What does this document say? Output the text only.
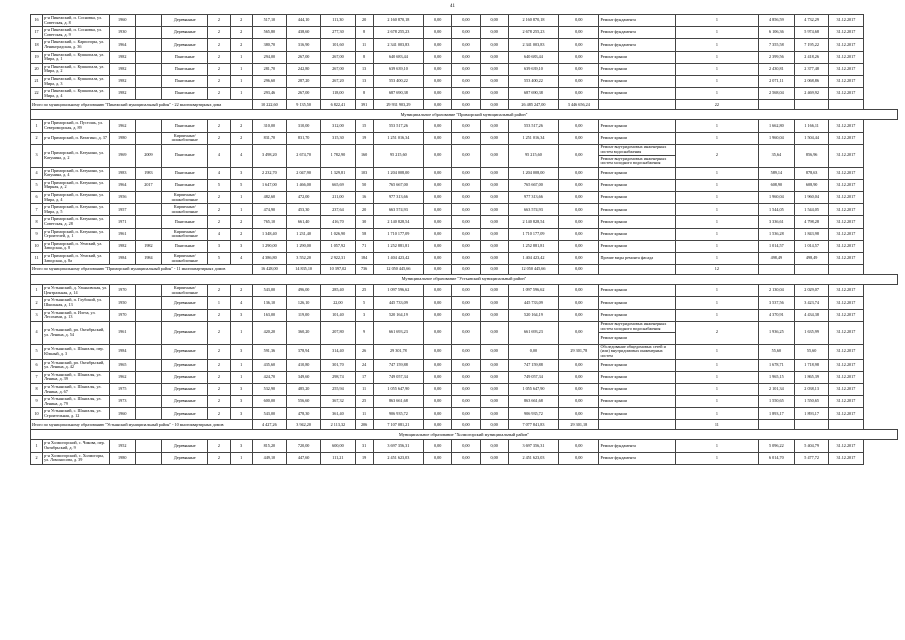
41
16	р-н Пинежский, п. Сосновка, ул. Советская, д. 8	1960		Деревянные	2	2	517,10	444,10	111,30	20	2 160 870,18	0,00	0,00	0,00	2 160 870,18	0,00	Ремонт фундамента	1	4 856,59	4 732,29	31.12.2017
17	р-н Пинежский, п. Сосновка, ул. Советская, д. 9	1930		Деревянные	2	2	565,80	438,60	277,30	8	2 678 255,23	0,00	0,00	0,00	2 678 255,23	0,00	Ремонт фундамента	1	6 106,36	5 974,68	31.12.2017
18	р-н Пинежский, с. Карпогоры, ул. Ленинградская, д. 36	1964		Деревянные	2	2	380,70	316,90	101,60	11	2 341 003,83	0,00	0,00	0,00	2 341 003,83	0,00	Ремонт фундамента	1	7 355,58	7 195,22	31.12.2017
19	р-н Пинежский, с. Кушкопала, ул. Мира, д. 1	1982		Панельные	2	1	294,00	267,00	267,00	8	640 683,44	0,00	0,00	0,00	640 683,44	0,00	Ремонт крыши	1	2 399,56	2 418,26	31.12.2017
20	р-н Пинежский, с. Кушкопала, ул. Мира, д. 2	1982		Панельные	2	1	281,70	242,80	267,00	13	639 639,10	0,00	0,00	0,00	639 639,10	0,00	Ремонт крыши	1	2 430,81	2 377,48	31.12.2017
21	р-н Пинежский, с. Кушкопала, ул. Мира, д. 3	1982		Панельные	2	1	296,60	287,20	267,20	13	553 400,22	0,00	0,00	0,00	553 400,22	0,00	Ремонт крыши	1	2 071,11	2 068,86	31.12.2017
22	р-н Пинежский, с. Кушкопала, ул. Мира, д. 4	1982		Панельные	2	1	293,46	267,00	118,00	8	687 690,38	0,00	0,00	0,00	687 690,38	0,00	Ремонт крыши	1	2 568,04	2 469,92	31.12.2017
Итого по муниципальному образованию "Пинежский муниципальный район" - 22 многоквартирных дома							10 222,60	9 135,50	6 822,41	391	29 931 903,29	0,00	0,00	0,00	26 485 247,00	3 446 656,24		22			
Муниципальное образование "Приморский муниципальный район"																					
1	р-н Приморский, п. Пустошь, ул. Североморская, д. 89	1962		Панельные	2	2	310,00	310,00	312,00	15	553 517,26	0,00	0,00	0,00	553 517,26	0,00	Ремонт крыши	1	1 662,80	1 166,11	31.12.2017
2	р-н Приморский, п. Ватагино, д. 37	1980		Кирпичные/ шлакоблочные	2	2	831,70	831,70	315,30	19	1 251 016,34	0,00	0,00	0,00	1 251 016,34	0,00	Ремонт крыши	1	1 960,04	1 504,44	31.12.2017
3	р-н Приморский, п. Катунино, ул. Катунина, д. 2	1969	2009	Панельные	4	4	3 498,20	2 674,70	1 782,90	160	95 215,60	0,00	0,00	0,00	95 215,60	0,00	Ремонт внутридомовых инженерных систем водоснабжения
Ремонт внутридомовых инженерных систем холодного водоснабжения	2	35,64	856,96	31.12.2017
4	р-н Приморский, п. Катунино, ул. Катунина, д. 4	1983	1983	Панельные	4	3	2 232,70	2 047,90	1 329,81	103	1 204 008,00	0,00	0,00	0,00	1 204 008,00	0,00	Ремонт крыши	1	589,14	878,63	31.12.2017
5	р-н Приморский, п. Катунино, ул. Мирная, д. 2	1964	2017	Панельные	5	5	1 647,00	1 466,00	665,69	50	765 667,00	0,00	0,00	0,00	765 667,00	0,00	Ремонт крыши	1	608,90	608,90	31.12.2017
6	р-н Приморский, п. Катунино, ул. Мира, д. 4	1956		Кирпичные/ шлакоблочные	2	1	482,60	472,00	211,00	16	977 313,66	0,00	0,00	0,00	977 313,66	0,00	Ремонт крыши	1	1 960,04	1 960,04	31.12.2017
7	р-н Приморский, п. Катунино, ул. Мира, д. 5	1957		Кирпичные/ шлакоблочные	2	1	474,90	453,30	237,64	20	663 574,93	0,00	0,00	0,00	663 574,93	0,00	Ремонт крыши	1	1 544,05	1 544,05	31.12.2017
8	р-н Приморский, п. Катунино, ул. Советская, д. 28	1971		Панельные	2	2	765,10	661,40	416,70	30	2 140 828,54	0,00	0,00	0,00	2 140 828,54	0,00	Ремонт крыши	1	3 336,61	4 798,28	31.12.2017
9	р-н Приморский, п. Катунино, ул. Строителей, д. 1	1961		Кирпичные/ шлакоблочные	4	2	1 348,40	1 231,40	1 026,90	58	1 710 177,09	0,00	0,00	0,00	1 710 177,09	0,00	Ремонт крыши	1	1 536,28	1 843,98	31.12.2017
10	р-н Приморский, п. Уемский, ул. Заводская, д. 8	1982	1982	Панельные	3	3	1 290,00	1 290,00	1 057,92	71	1 252 881,81	0,00	0,00	0,00	1 252 881,81	0,00	Ремонт крыши	1	1 014,57	1 014,57	31.12.2017
11	р-н Приморский, п. Уемский, ул. Заводская, д. 8а	1984	1984	Кирпичные/ шлакоблочные	5	4	4 386,80	3 552,20	2 922,31	184	1 404 423,42	0,00	0,00	0,00	1 404 423,42	0,00	Прочие виды ремонта фасада	1	498,49	498,49	31.12.2017
Итого по муниципальному образованию "Приморский муниципальный район" - 11 многоквартирных домов							16 428,00	14 835,10	10 397,02	736	12 050 445,66	0,00	0,00	0,00	12 050 445,66	0,00		12			
Муниципальное образование "Устьянский муниципальный район"																					
1	р-н Устьянский, д. Ульяновская, ул. Центральная, д. 14	1970		Кирпичные/ шлакоблочные	2	2	543,00	496,00	285,40	25	1 097 596,62	0,00	0,00	0,00	1 097 596,62	0,00	Ремонт крыши	1	2 130,04	2 029,07	31.12.2017
2	р-н Устьянский, п. Глубокий, ул. Школьная, д. 13	1950		Деревянные	1	4	136,10	126,10	22,00	5	445 733,09	0,00	0,00	0,00	445 733,09	0,00	Ремонт крыши	1	3 537,56	3 423,74	31.12.2017
3	р-н Устьянский, п. Илеза, ул. Лесохими, д. 13	1970		Деревянные	2	3	163,00	119,00	101,40	3	520 164,19	0,00	0,00	0,00	520 164,19	0,00	Ремонт крыши	1	4 370,91	4 434,38	31.12.2017
4	р-н Устьянский, рп. Октябрьский, ул. Ленина, д. 54	1961		Деревянные	2	1	420,20	360,20	207,80	9	661 693,23	0,00	0,00	0,00	661 693,23	0,00	Ремонт внутридомовых инженерных систем холодного водоснабжения
Ремонт крыши	2	1 936,25	1 635,99	31.12.2017
5	р-н Устьянский, с. Шангалы, пер. Южный, д. 3	1984		Деревянные	2	3	591,36	378,94	314,40	26	29 301,78	0,00	0,00	0,00	0,00	29 301,78	Обследование общедомовых сетей и (или) внутридомовых инженерных систем	1	55,60	55,60	31.12.2017
6	р-н Устьянский, рп. Октябрьский, ул. Ленина, д. 42	1965		Деревянные	2	1	435,60	410,80	301,70	24	747 159,88	0,00	0,00	0,00	747 159,88	0,00	Ремонт крыши	1	1 678,71	1 718,98	31.12.2017
7	р-н Устьянский, с. Шангалы, ул. Ленина, д. 39	1962		Деревянные	2	1	424,70	349,60	298,74	17	749 057,34	0,00	0,00	0,00	749 057,34	0,00	Ремонт крыши	1	1 965,15	1 865,39	31.12.2017
8	р-н Устьянский, с. Шангалы, ул. Ленина, д. 67	1975		Деревянные	2	3	532,90	485,20	255,94	11	1 055 647,90	0,00	0,00	0,00	1 055 647,90	0,00	Ремонт крыши	1	2 101,34	2 038,13	31.12.2017
9	р-н Устьянский, с. Шангалы, ул. Ленина, д. 79	1973		Деревянные	2	3	600,00	556,60	367,32	25	863 661,68	0,00	0,00	0,00	863 661,68	0,00	Ремонт крыши	1	1 550,65	1 550,65	31.12.2017
10	р-н Устьянский, с. Шангалы, ул. Строительная, д. 12	1960		Деревянные	2	3	543,00	478,30	361,40	11	906 935,72	0,00	0,00	0,00	906 935,72	0,00	Ремонт крыши	1	1 893,17	1 893,17	31.12.2017
Итого по муниципальному образованию "Устьянский муниципальный район" - 10 многоквартирных домов							4 427,26	3 942,20	2 113,32	206	7 107 081,21	0,00	0,00	0,00	7 077 841,83	29 301,18		11			
Муниципальное образование "Холмогорский муниципальный район"																					
1	р-н Холмогорский, с. Чикова, пер. Октябрьский, д. 9	1952		Деревянные	2	3	815,20	720,00	600,00	31	3 697 356,31	0,00	0,00	0,00	3 697 356,31	0,00	Ремонт фундамента	1	5 096,22	5 404,79	31.12.2017
2	р-н Холмогорский, с. Холмогоры, ул. Ломоносова, д. 39	1980		Деревянные	2	1	449,10	447,60	111,21	19	2 451 623,03	0,00	0,00	0,00	2 451 623,03	0,00	Ремонт фундамента	1	6 014,70	5 477,72	31.12.2017
